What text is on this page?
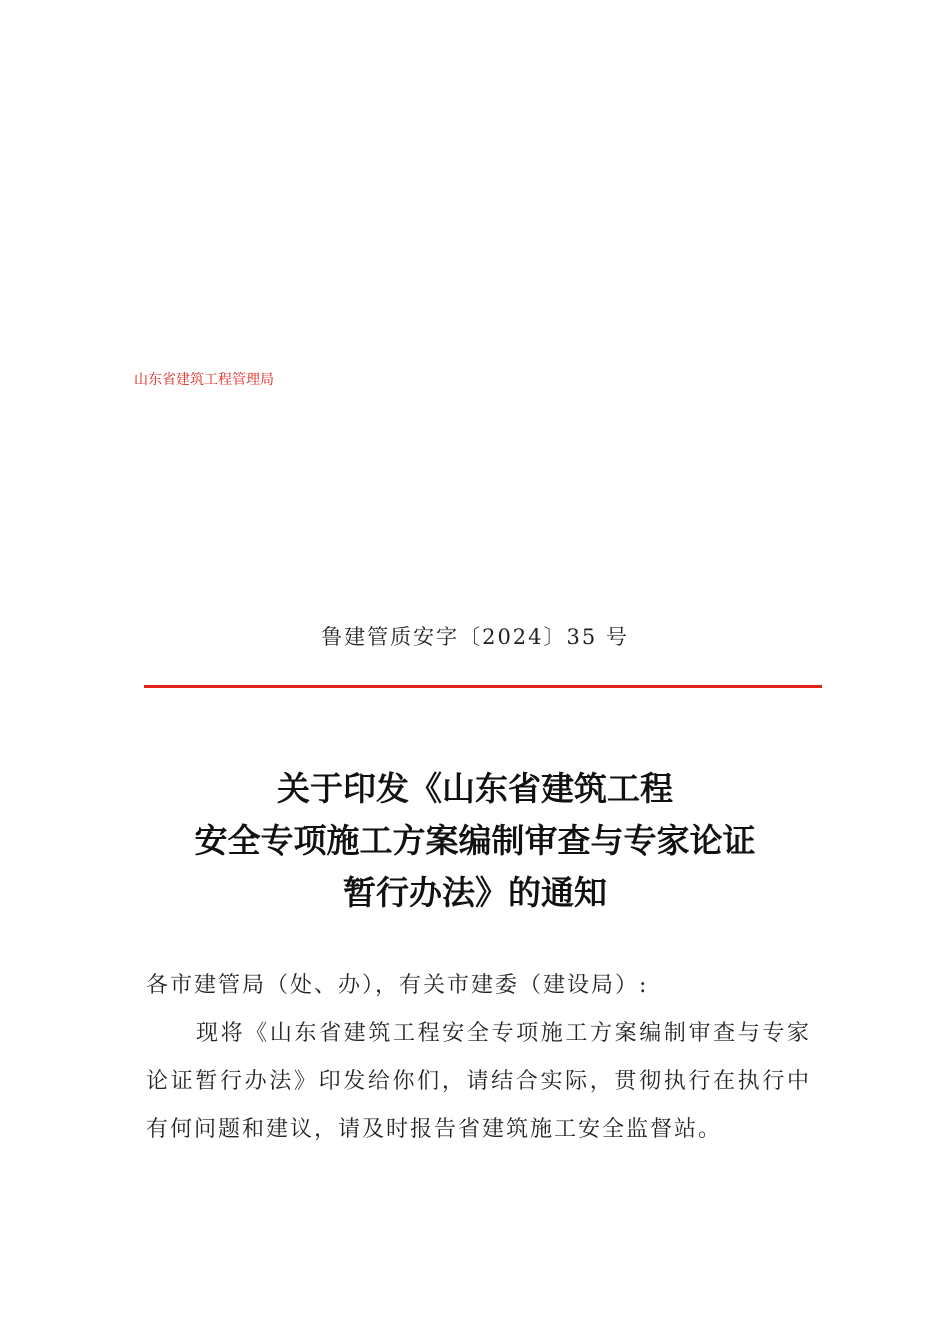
山东省建筑工程管理局
鲁建管质安字〔2024〕35 号
关于印发《山东省建筑工程
安全专项施工方案编制审查与专家论证
暂行办法》的通知

各市建管局（处、办），有关市建委（建设局）:

现将《山东省建筑工程安全专项施工方案编制审查与专家论证暂行办法》印发给你们，请结合实际，贯彻执行在执行中有何问题和建议，请及时报告省建筑施工安全监督站。
